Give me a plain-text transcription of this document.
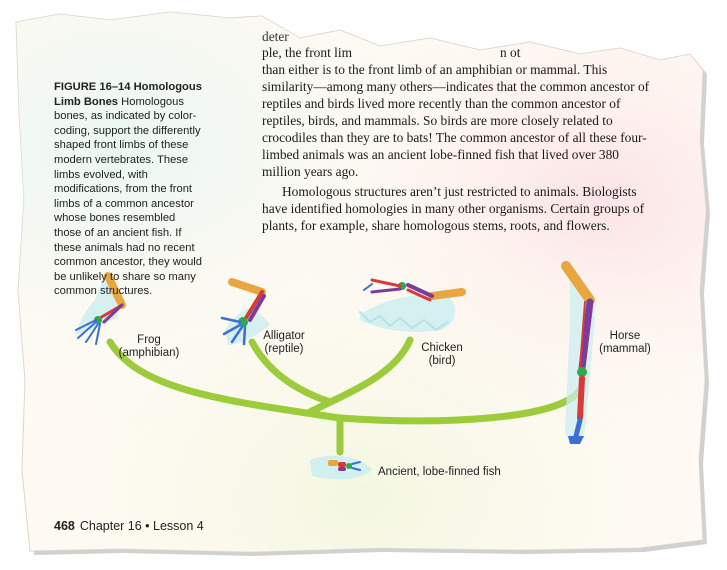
deter

ple, the front lim	n ot

than either is to the front limb of an amphibian or mammal. This similarity—among many others—indicates that the common ancestor of reptiles and birds lived more recently than the common ancestor of reptiles, birds, and mammals. So birds are more closely related to crocodiles than they are to bats! The common ancestor of all these four-limbed animals was an ancient lobe-finned fish that lived over 380 million years ago.

Homologous structures aren’t just restricted to animals. Biologists have identified homologies in many other organisms. Certain groups of plants, for example, share homologous stems, roots, and flowers.

FIGURE 16–14 Homologous Limb Bones Homologous bones, as indicated by color-coding, support the differently shaped front limbs of these modern vertebrates. These limbs evolved, with modifications, from the front limbs of a common ancestor whose bones resembled those of an ancient fish. If these animals had no recent common ancestor, they would be unlikely to share so many common structures.
Frog
(amphibian)
Alligator
(reptile)	Chicken
(bird)
Horse
(mammal)
Ancient, lobe-finned fish
468 Chapter 16 • Lesson 4
